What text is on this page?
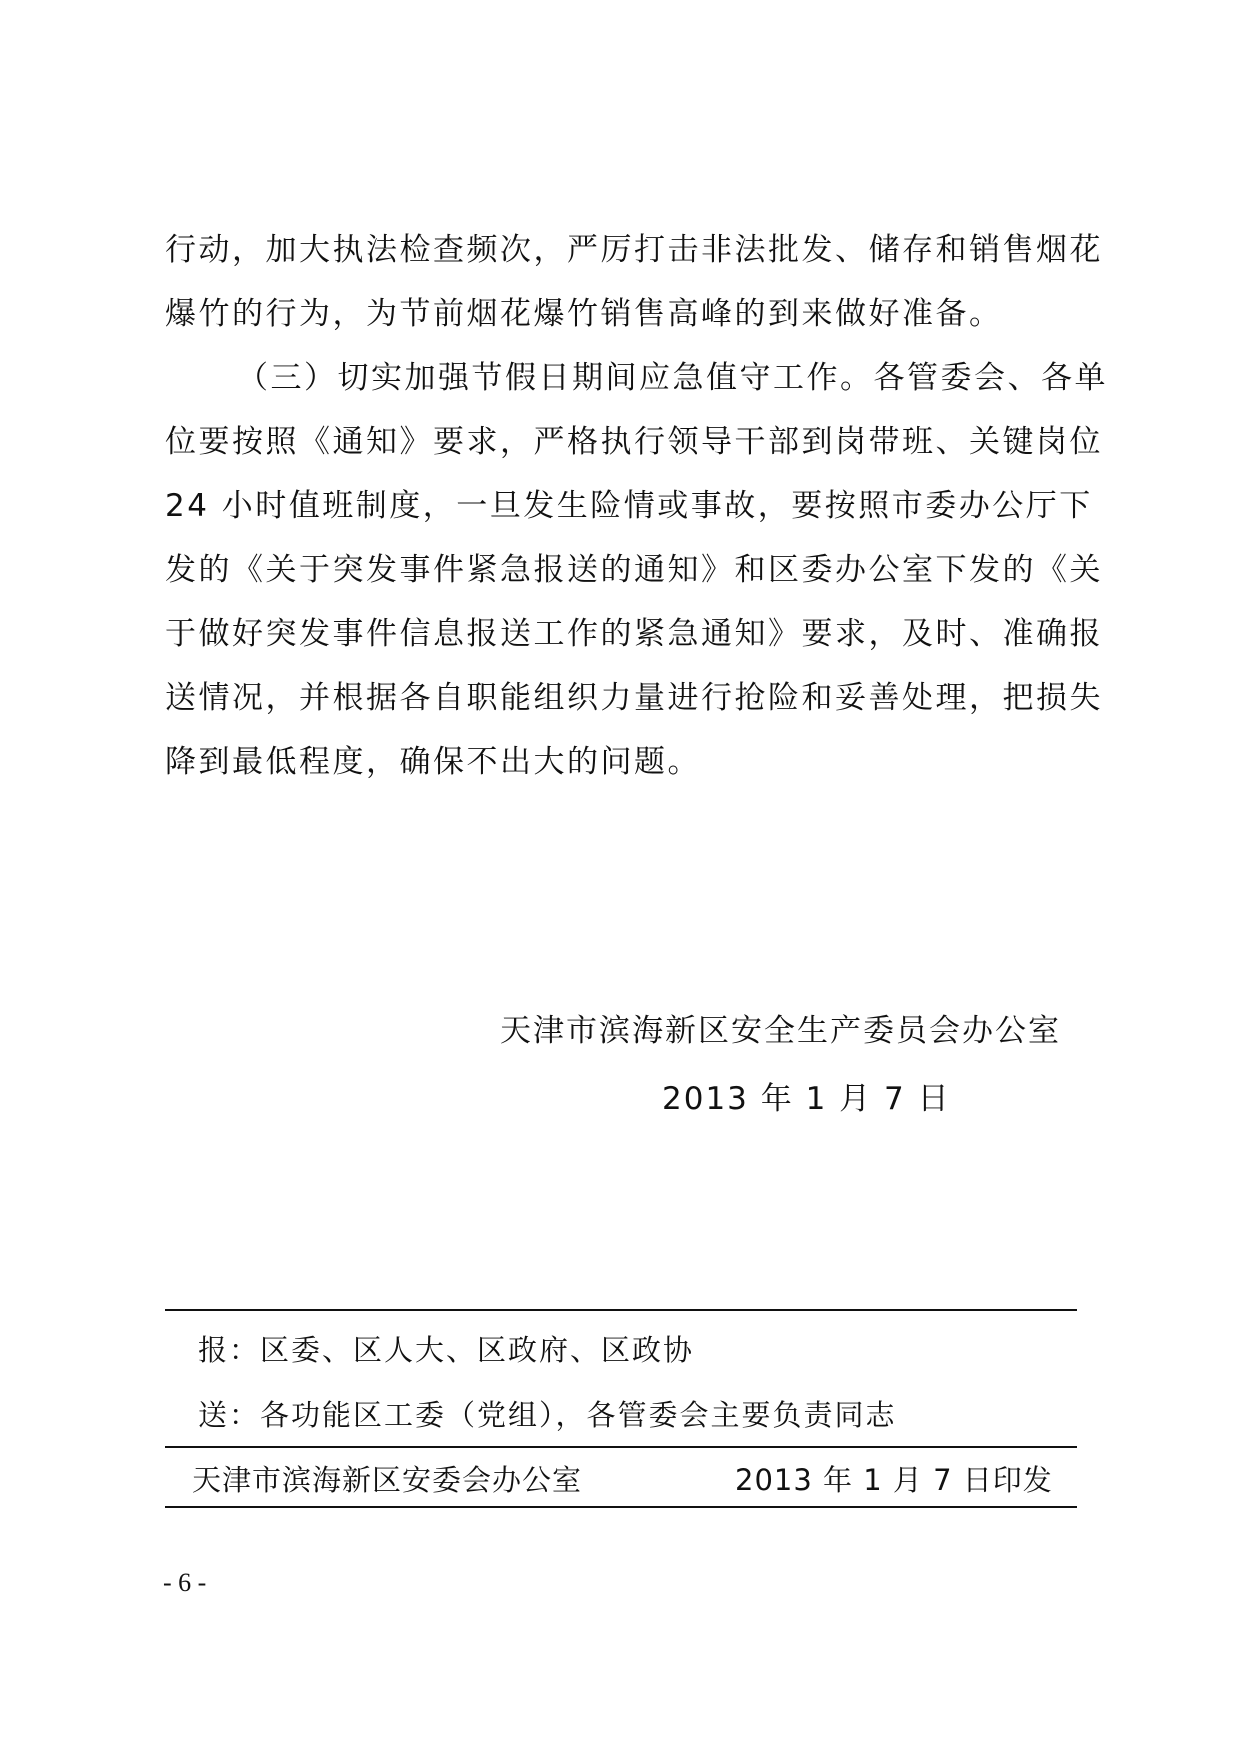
行动，加大执法检查频次，严厉打击非法批发、储存和销售烟花
爆竹的行为，为节前烟花爆竹销售高峰的到来做好准备。
（三）切实加强节假日期间应急值守工作。各管委会、各单
位要按照《通知》要求，严格执行领导干部到岗带班、关键岗位
24 小时值班制度，一旦发生险情或事故，要按照市委办公厅下
发的《关于突发事件紧急报送的通知》和区委办公室下发的《关
于做好突发事件信息报送工作的紧急通知》要求，及时、准确报
送情况，并根据各自职能组织力量进行抢险和妥善处理，把损失
降到最低程度，确保不出大的问题。
天津市滨海新区安全生产委员会办公室
2013 年 1 月 7 日
报：区委、区人大、区政府、区政协
送：各功能区工委（党组），各管委会主要负责同志
天津市滨海新区安委会办公室	2013 年 1 月 7 日印发
- 6 -
